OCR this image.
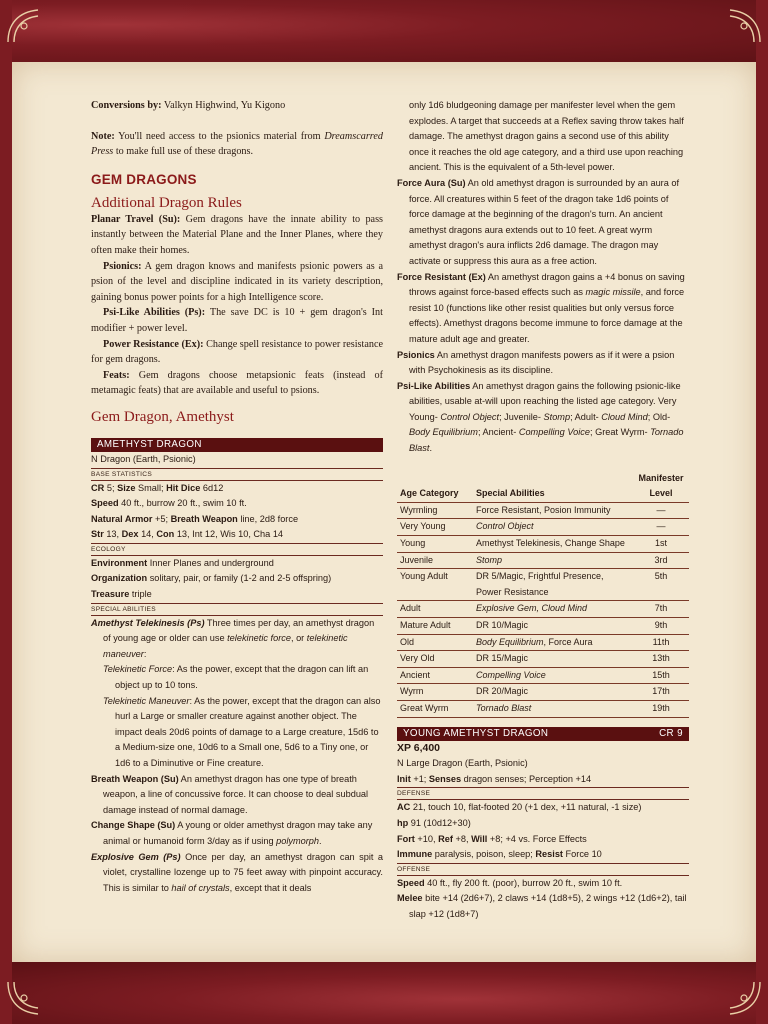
Conversions by: Valkyn Highwind, Yu Kigono

Note: You'll need access to the psionics material from Dreamscarred Press to make full use of these dragons.

GEM DRAGONS
Additional Dragon Rules

Planar Travel (Su): Gem dragons have the innate ability to pass instantly between the Material Plane and the Inner Planes, where they often make their homes.

Psionics: A gem dragon knows and manifests psionic powers as a psion of the level and discipline indicated in its variety description, gaining bonus power points for a high Intelligence score.

Psi-Like Abilities (Ps): The save DC is 10 + gem dragon's Int modifier + power level.

Power Resistance (Ex): Change spell resistance to power resistance for gem dragons.

Feats: Gem dragons choose metapsionic feats (instead of metamagic feats) that are available and useful to psions.

Gem Dragon, Amethyst
AMETHYST DRAGON
N Dragon (Earth, Psionic)
BASE STATISTICS
CR 5; Size Small; Hit Dice 6d12
Speed 40 ft., burrow 20 ft., swim 10 ft.
Natural Armor +5; Breath Weapon line, 2d8 force
Str 13, Dex 14, Con 13, Int 12, Wis 10, Cha 14
ECOLOGY
Environment Inner Planes and underground
Organization solitary, pair, or family (1-2 and 2-5 offspring)
Treasure triple
SPECIAL ABILITIES

Amethyst Telekinesis (Ps) Three times per day, an amethyst dragon of young age or older can use telekinetic force, or telekinetic maneuver:

Telekinetic Force: As the power, except that the dragon can lift an object up to 10 tons.

Telekinetic Maneuver: As the power, except that the dragon can also hurl a Large or smaller creature against another object. The impact deals 20d6 points of damage to a Large creature, 15d6 to a Medium-size one, 10d6 to a Small one, 5d6 to a Tiny one, or 1d6 to a Diminutive or Fine creature.

Breath Weapon (Su) An amethyst dragon has one type of breath weapon, a line of concussive force. It can choose to deal subdual damage instead of normal damage.

Change Shape (Su) A young or older amethyst dragon may take any animal or humanoid form 3/day as if using polymorph.

Explosive Gem (Ps) Once per day, an amethyst dragon can spit a violet, crystalline lozenge up to 75 feet away with pinpoint accuracy. This is similar to hail of crystals, except that it deals

only 1d6 bludgeoning damage per manifester level when the gem explodes. A target that succeeds at a Reflex saving throw takes half damage. The amethyst dragon gains a second use of this ability once it reaches the old age category, and a third use upon reaching ancient. This is the equivalent of a 5th-level power.

Force Aura (Su) An old amethyst dragon is surrounded by an aura of force. All creatures within 5 feet of the dragon take 1d6 points of force damage at the beginning of the dragon's turn. An ancient amethyst dragons aura extends out to 10 feet. A great wyrm amethyst dragon's aura inflicts 2d6 damage. The dragon may activate or suppress this aura as a free action.

Force Resistant (Ex) An amethyst dragon gains a +4 bonus on saving throws against force-based effects such as magic missile, and force resist 10 (functions like other resist qualities but only versus force effects). Amethyst dragons become immune to force damage at the mature adult age and greater.

Psionics An amethyst dragon manifests powers as if it were a psion with Psychokinesis as its discipline.

Psi-Like Abilities An amethyst dragon gains the following psionic-like abilities, usable at-will upon reaching the listed age category. Very Young- Control Object; Juvenile- Stomp; Adult- Cloud Mind; Old- Body Equilibrium; Ancient- Compelling Voice; Great Wyrm- Tornado Blast.

Age Category	Special Abilities	Manifester
Level
Wyrmling	Force Resistant, Posion Immunity	—
Very Young	Control Object	—
Young	Amethyst Telekinesis, Change Shape	1st
Juvenile	Stomp	3rd
Young Adult	DR 5/Magic, Frightful Presence, Power Resistance	5th
Adult	Explosive Gem, Cloud Mind	7th
Mature Adult	DR 10/Magic	9th
Old	Body Equilibrium, Force Aura	11th
Very Old	DR 15/Magic	13th
Ancient	Compelling Voice	15th
Wyrm	DR 20/Magic	17th
Great Wyrm	Tornado Blast	19th
YOUNG AMETHYST DRAGON	CR 9
XP 6,400
N Large Dragon (Earth, Psionic)
Init +1; Senses dragon senses; Perception +14
DEFENSE
AC 21, touch 10, flat-footed 20 (+1 dex, +11 natural, -1 size)
hp 91 (10d12+30)
Fort +10, Ref +8, Will +8; +4 vs. Force Effects
Immune paralysis, poison, sleep; Resist Force 10
OFFENSE
Speed 40 ft., fly 200 ft. (poor), burrow 20 ft., swim 10 ft.

Melee bite +14 (2d6+7), 2 claws +14 (1d8+5), 2 wings +12 (1d6+2), tail slap +12 (1d8+7)
